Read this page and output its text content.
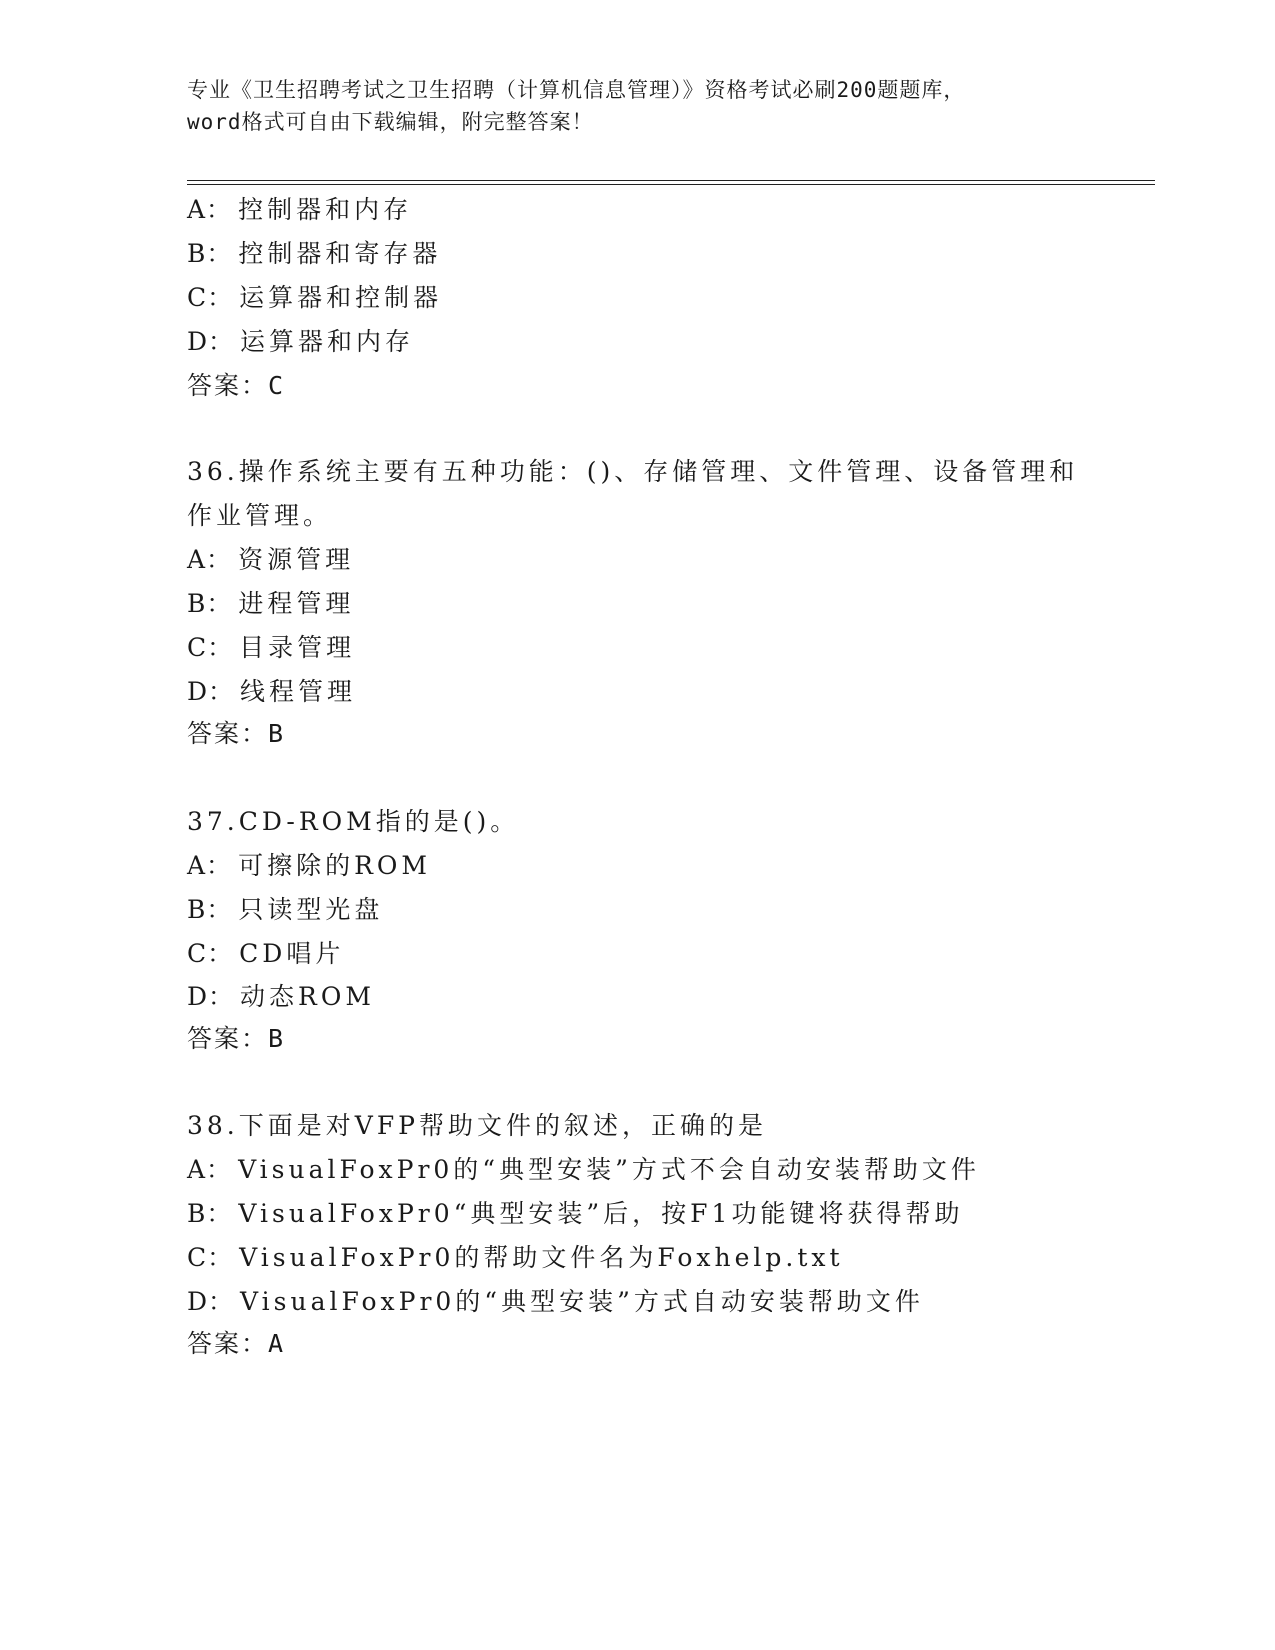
专业《卫生招聘考试之卫生招聘（计算机信息管理）》资格考试必刷200题题库，
word格式可自由下载编辑，附完整答案！
A： 控制器和内存
B： 控制器和寄存器
C： 运算器和控制器
D： 运算器和内存
答案：C
36.操作系统主要有五种功能：()、存储管理、文件管理、设备管理和
作业管理。
A： 资源管理
B： 进程管理
C： 目录管理
D： 线程管理
答案：B
37.CD-ROM指的是()。
A： 可擦除的ROM
B： 只读型光盘
C： CD唱片
D： 动态ROM
答案：B
38.下面是对VFP帮助文件的叙述，正确的是
A： VisualFoxPr0的“典型安装”方式不会自动安装帮助文件
B： VisualFoxPr0“典型安装”后，按F1功能键将获得帮助
C： VisualFoxPr0的帮助文件名为Foxhelp.txt
D： VisualFoxPr0的“典型安装”方式自动安装帮助文件
答案：A
